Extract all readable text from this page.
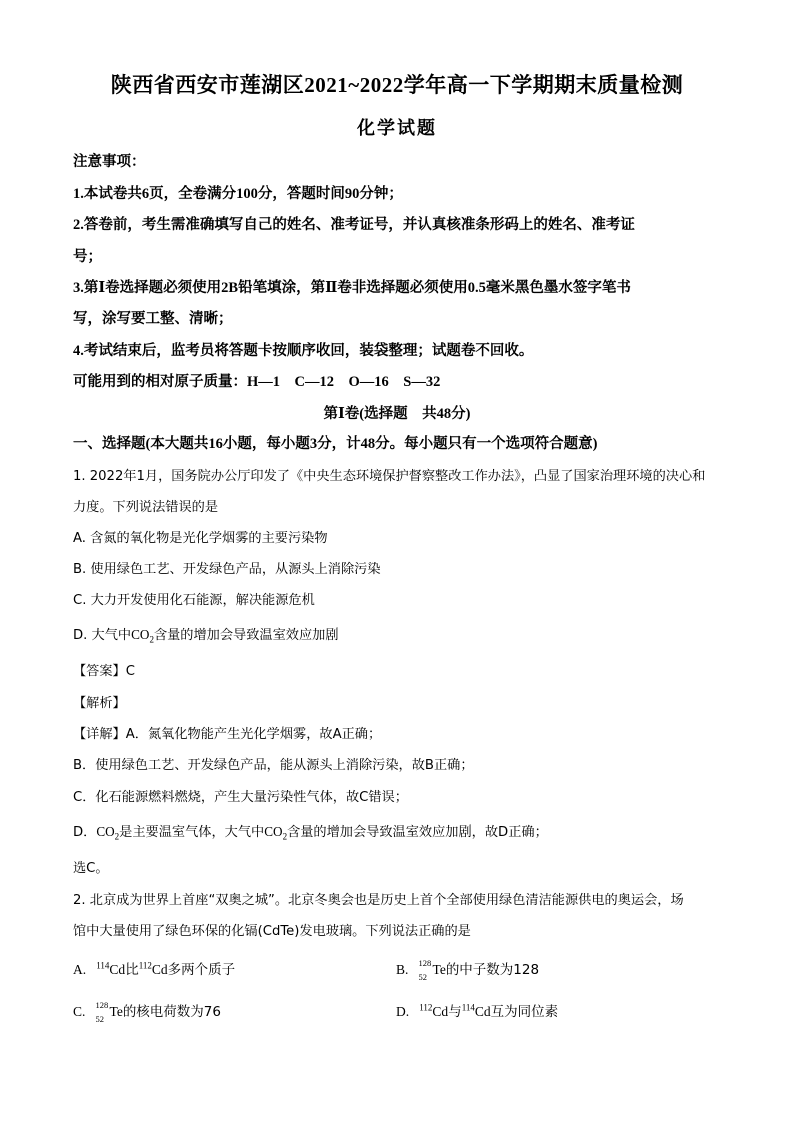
陕西省西安市莲湖区2021~2022学年高一下学期期末质量检测
化学试题
注意事项：
1.本试卷共6页，全卷满分100分，答题时间90分钟；
2.答卷前，考生需准确填写自己的姓名、准考证号，并认真核准条形码上的姓名、准考证
号；
3.第Ⅰ卷选择题必须使用2B铅笔填涂，第Ⅱ卷非选择题必须使用0.5毫米黑色墨水签字笔书
写，涂写要工整、清晰；
4.考试结束后，监考员将答题卡按顺序收回，装袋整理；试题卷不回收。
可能用到的相对原子质量：H—1　C—12　O—16　S—32
第Ⅰ卷(选择题　共48分)
一、选择题(本大题共16小题，每小题3分，计48分。每小题只有一个选项符合题意)
1. 2022年1月，国务院办公厅印发了《中央生态环境保护督察整改工作办法》，凸显了国家治理环境的决心和
力度。下列说法错误的是
A. 含氮的氧化物是光化学烟雾的主要污染物
B. 使用绿色工艺、开发绿色产品，从源头上消除污染
C. 大力开发使用化石能源，解决能源危机
D. 大气中$CO_2$含量的增加会导致温室效应加剧
【答案】C
【解析】
【详解】A．氮氧化物能产生光化学烟雾，故A正确；
B．使用绿色工艺、开发绿色产品，能从源头上消除污染，故B正确；
C．化石能源燃料燃烧，产生大量污染性气体，故C错误；
D．$CO_2$是主要温室气体，大气中$CO_2$含量的增加会导致温室效应加剧，故D正确；
选C。
2. 北京成为世界上首座“双奥之城”。北京冬奥会也是历史上首个全部使用绿色清洁能源供电的奥运会，场
馆中大量使用了绿色环保的化镉(CdTe)发电玻璃。下列说法正确的是
A. $^{114}$Cd比$^{112}$Cd多两个质子	B. 128
52 Te的中子数为128
C. 128
52 Te的核电荷数为76	D. $^{112}$Cd与$^{114}$Cd互为同位素
